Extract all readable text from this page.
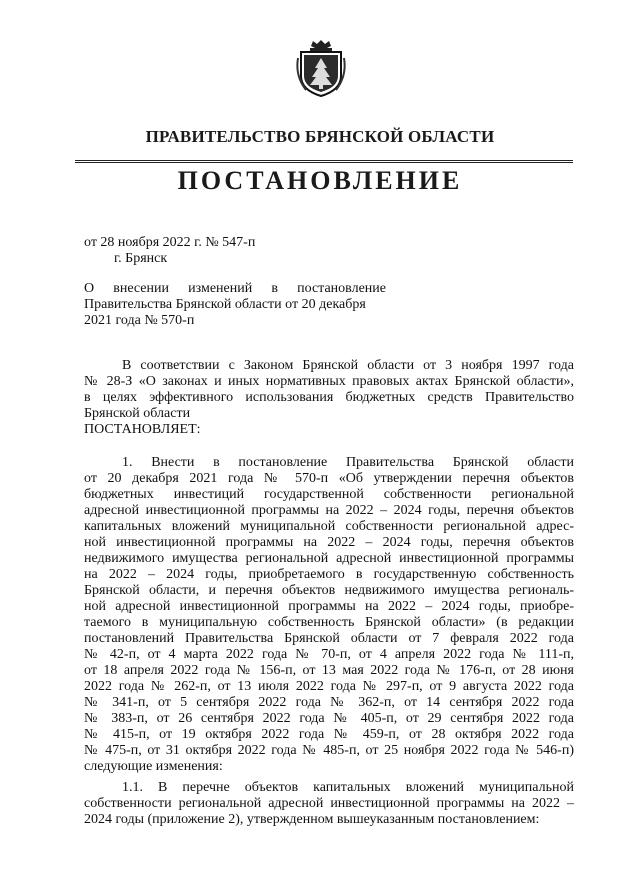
ПРАВИТЕЛЬСТВО БРЯНСКОЙ ОБЛАСТИ
ПОСТАНОВЛЕНИЕ
от 28 ноября 2022 г. № 547-п
г. Брянск
О внесении изменений в постановление
Правительства Брянской области от 20 декабря
2021 года № 570-п
В соответствии с Законом Брянской области от 3 ноября 1997 года
№ 28-З «О законах и иных нормативных правовых актах Брянской области»,
в целях эффективного использования бюджетных средств Правительство
Брянской области
ПОСТАНОВЛЯЕТ:
1. Внести в постановление Правительства Брянской области
от 20 декабря 2021 года № 570-п «Об утверждении перечня объектов
бюджетных инвестиций государственной собственности региональной
адресной инвестиционной программы на 2022 – 2024 годы, перечня объектов
капитальных вложений муниципальной собственности региональной адрес-
ной инвестиционной программы на 2022 – 2024 годы, перечня объектов
недвижимого имущества региональной адресной инвестиционной программы
на 2022 – 2024 годы, приобретаемого в государственную собственность
Брянской области, и перечня объектов недвижимого имущества региональ-
ной адресной инвестиционной программы на 2022 – 2024 годы, приобре-
таемого в муниципальную собственность Брянской области» (в редакции
постановлений Правительства Брянской области от 7 февраля 2022 года
№ 42-п, от 4 марта 2022 года № 70-п, от 4 апреля 2022 года № 111-п,
от 18 апреля 2022 года № 156-п, от 13 мая 2022 года № 176-п, от 28 июня
2022 года № 262-п, от 13 июля 2022 года № 297-п, от 9 августа 2022 года
№ 341-п, от 5 сентября 2022 года № 362-п, от 14 сентября 2022 года
№ 383-п, от 26 сентября 2022 года № 405-п, от 29 сентября 2022 года
№ 415-п, от 19 октября 2022 года № 459-п, от 28 октября 2022 года
№ 475-п, от 31 октября 2022 года № 485-п, от 25 ноября 2022 года № 546-п)
следующие изменения:
1.1. В перечне объектов капитальных вложений муниципальной
собственности региональной адресной инвестиционной программы на 2022 –
2024 годы (приложение 2), утвержденном вышеуказанным постановлением:
